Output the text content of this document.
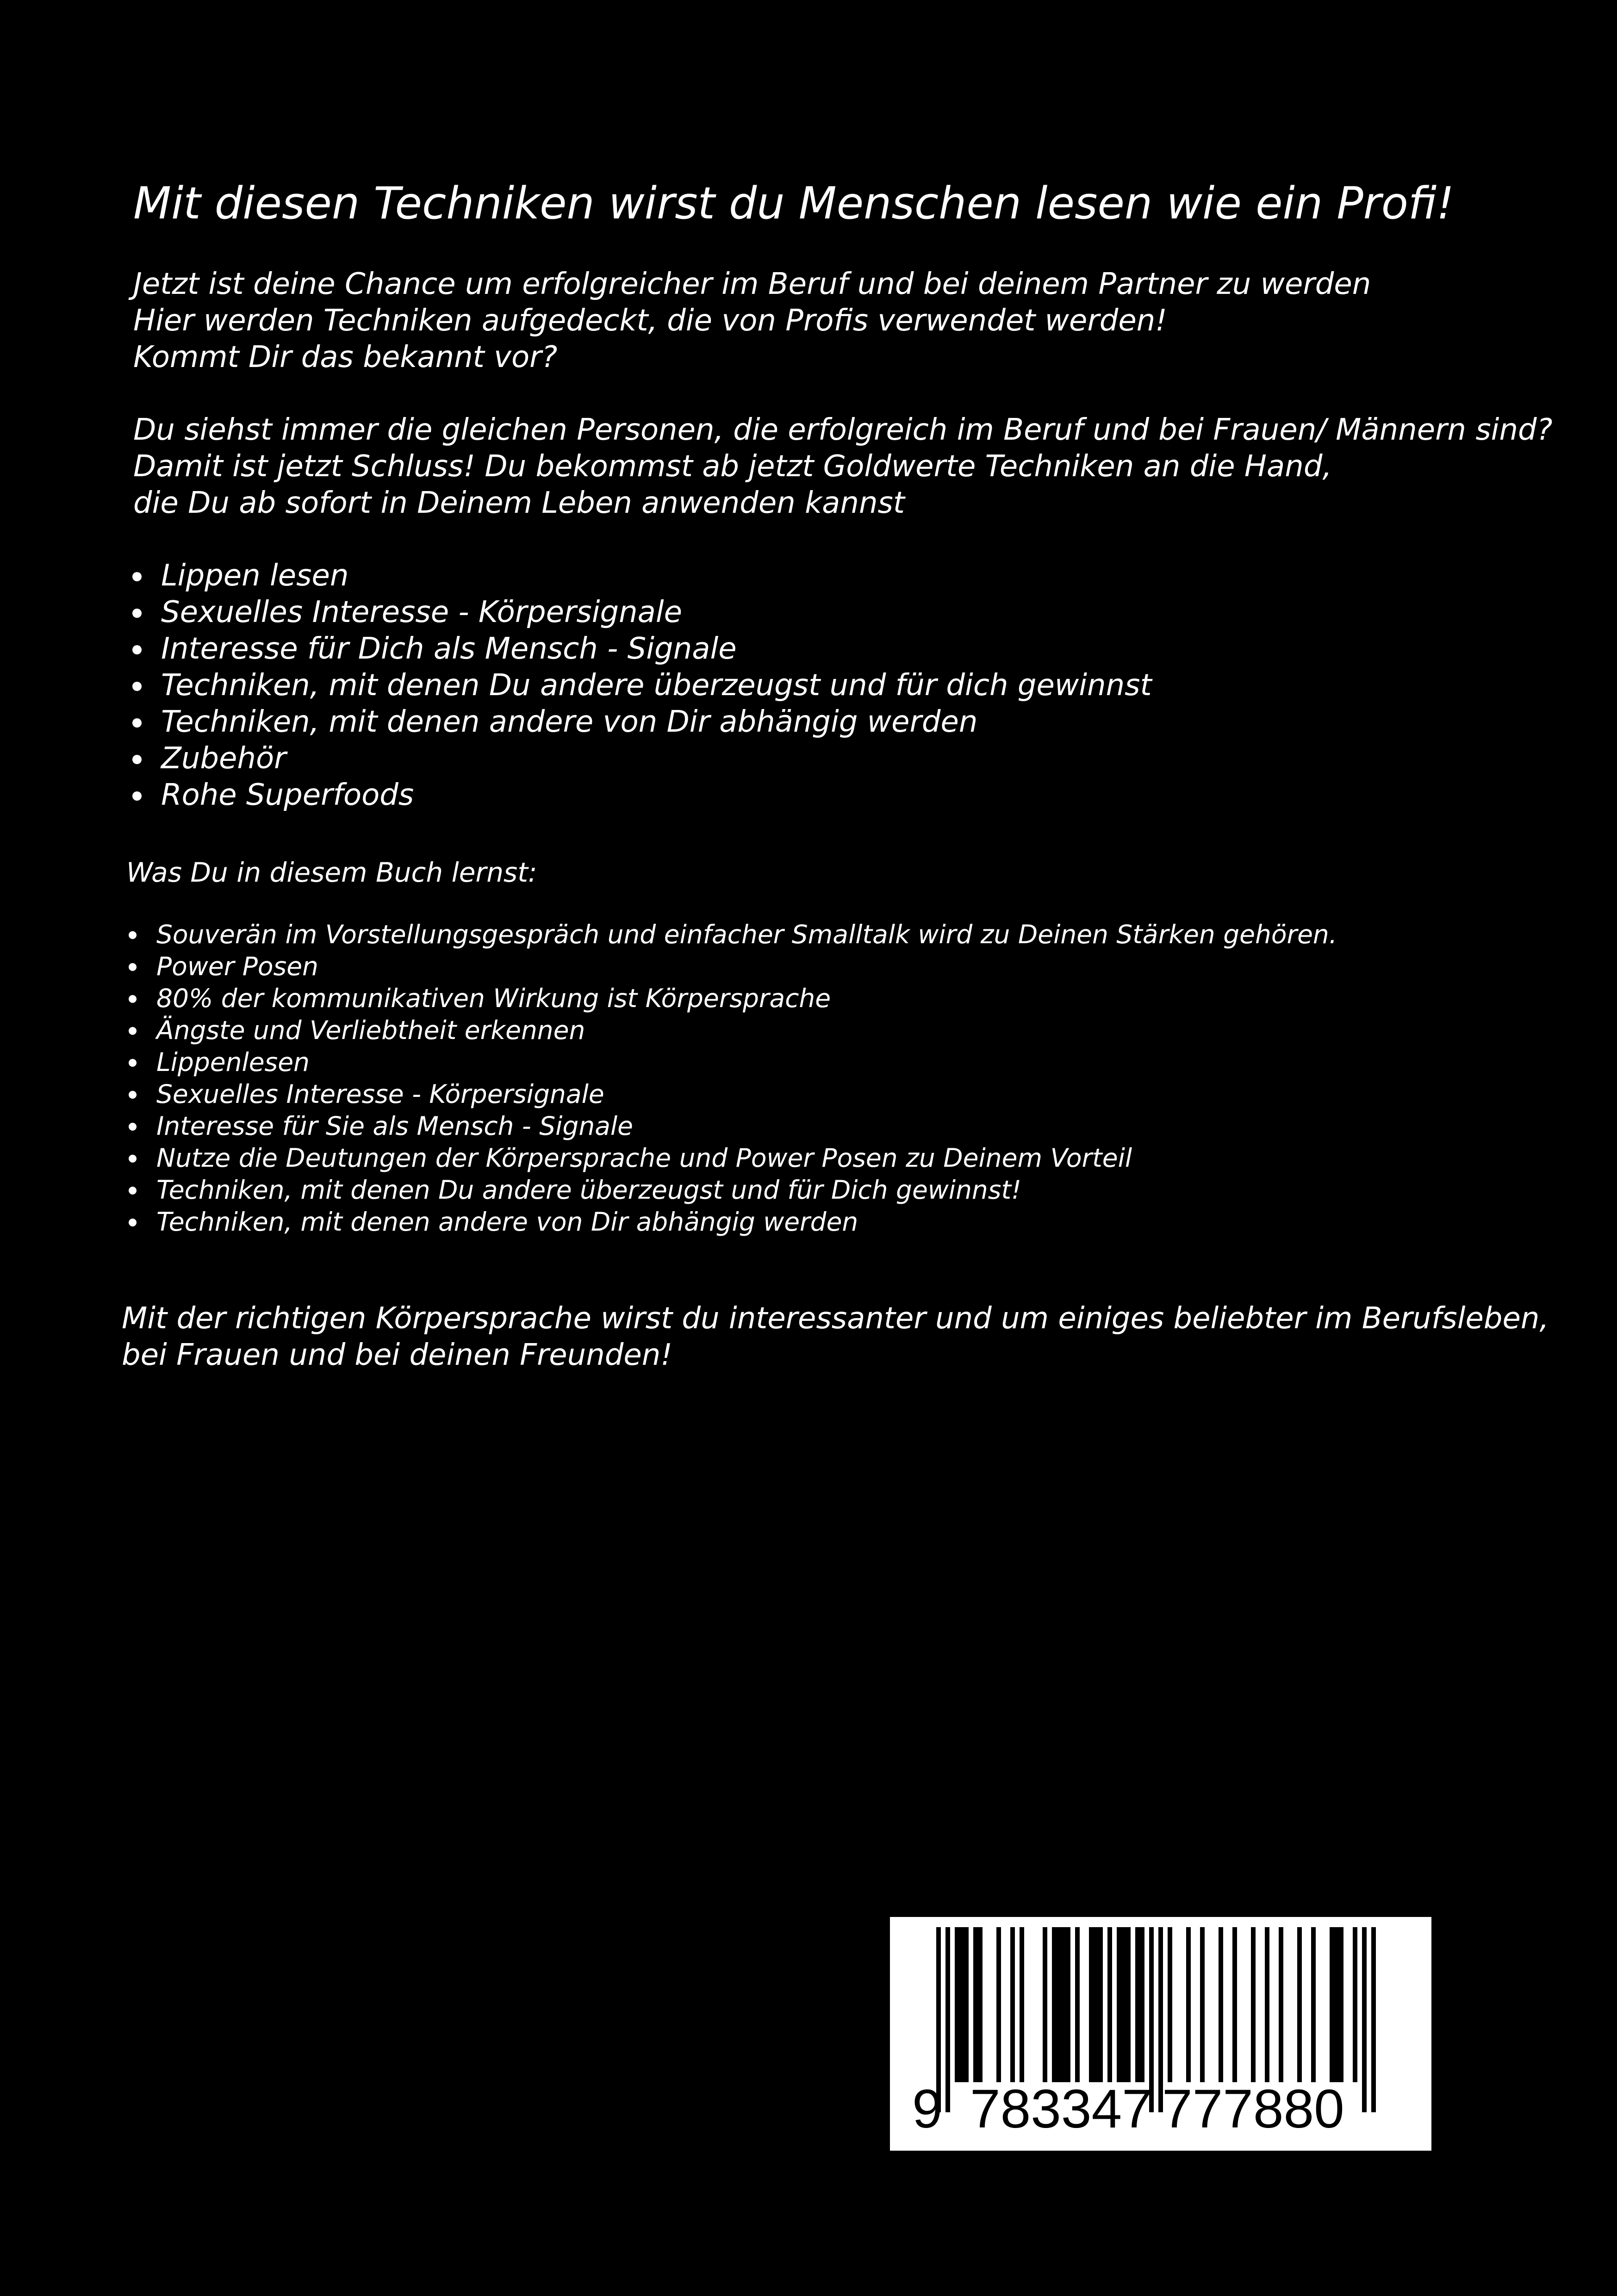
Mit diesen Techniken wirst du Menschen lesen wie ein Profi!
Jetzt ist deine Chance um erfolgreicher im Beruf und bei deinem Partner zu werden
Hier werden Techniken aufgedeckt, die von Profis verwendet werden!
Kommt Dir das bekannt vor?
Du siehst immer die gleichen Personen, die erfolgreich im Beruf und bei Frauen/ Männern sind?
Damit ist jetzt Schluss! Du bekommst ab jetzt Goldwerte Techniken an die Hand,
die Du ab sofort in Deinem Leben anwenden kannst
Lippen lesen
Sexuelles Interesse - Körpersignale
Interesse für Dich als Mensch - Signale
Techniken, mit denen Du andere überzeugst und für dich gewinnst
Techniken, mit denen andere von Dir abhängig werden
Zubehör
Rohe Superfoods
Was Du in diesem Buch lernst:
Souverän im Vorstellungsgespräch und einfacher Smalltalk wird zu Deinen Stärken gehören.
Power Posen
80% der kommunikativen Wirkung ist Körpersprache
Ängste und Verliebtheit erkennen
Lippenlesen
Sexuelles Interesse - Körpersignale
Interesse für Sie als Mensch - Signale
Nutze die Deutungen der Körpersprache und Power Posen zu Deinem Vorteil
Techniken, mit denen Du andere überzeugst und für Dich gewinnst!
Techniken, mit denen andere von Dir abhängig werden
Mit der richtigen Körpersprache wirst du interessanter und um einiges beliebter im Berufsleben,
bei Frauen und bei deinen Freunden!
9 783347 777880
